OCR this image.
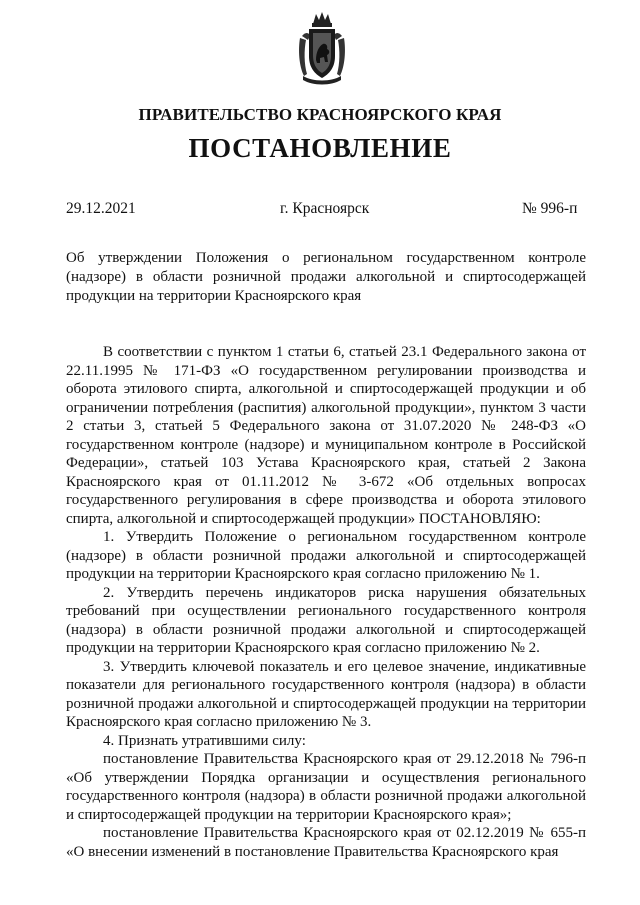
ПРАВИТЕЛЬСТВО КРАСНОЯРСКОГО КРАЯ
ПОСТАНОВЛЕНИЕ
29.12.2021	г. Красноярск	№ 996-п
Об утверждении Положения о региональном государственном контроле (надзоре) в области розничной продажи алкогольной и спиртосодержащей продукции на территории Красноярского края

В соответствии с пунктом 1 статьи 6, статьей 23.1 Федерального закона от 22.11.1995 № 171-ФЗ «О государственном регулировании производства и оборота этилового спирта, алкогольной и спиртосодержащей продукции и об ограничении потребления (распития) алкогольной продукции», пунктом 3 части 2 статьи 3, статьей 5 Федерального закона от 31.07.2020 № 248-ФЗ «О государственном контроле (надзоре) и муниципальном контроле в Российской Федерации», статьей 103 Устава Красноярского края, статьей 2 Закона Красноярского края от 01.11.2012 № 3-672 «Об отдельных вопросах государственного регулирования в сфере производства и оборота этилового спирта, алкогольной и спиртосодержащей продукции» ПОСТАНОВЛЯЮ:

1. Утвердить Положение о региональном государственном контроле (надзоре) в области розничной продажи алкогольной и спиртосодержащей продукции на территории Красноярского края согласно приложению № 1.

2. Утвердить перечень индикаторов риска нарушения обязательных требований при осуществлении регионального государственного контроля (надзора) в области розничной продажи алкогольной и спиртосодержащей продукции на территории Красноярского края согласно приложению № 2.

3. Утвердить ключевой показатель и его целевое значение, индикативные показатели для регионального государственного контроля (надзора) в области розничной продажи алкогольной и спиртосодержащей продукции на территории Красноярского края согласно приложению № 3.

4. Признать утратившими силу:

постановление Правительства Красноярского края от 29.12.2018 № 796-п «Об утверждении Порядка организации и осуществления регионального государственного контроля (надзора) в области розничной продажи алкогольной и спиртосодержащей продукции на территории Красноярского края»;

постановление Правительства Красноярского края от 02.12.2019 № 655-п «О внесении изменений в постановление Правительства Красноярского края
